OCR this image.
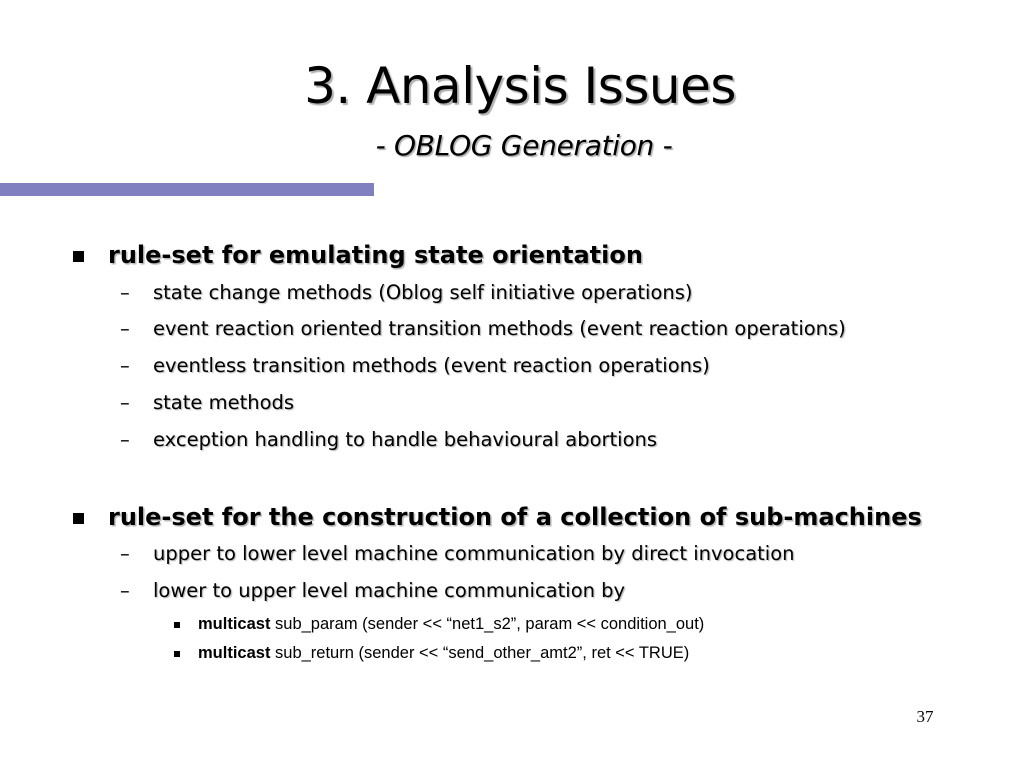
3. Analysis Issues
- OBLOG Generation -
rule-set for emulating state orientation
– state change methods (Oblog self initiative operations)
– event reaction oriented transition methods (event reaction operations)
– eventless transition methods (event reaction operations)
– state methods
– exception handling to handle behavioural abortions
rule-set for the construction of a collection of sub-machines
– upper to lower level machine communication by direct invocation
– lower to upper level machine communication by
multicast sub_param (sender << “net1_s2”, param << condition_out)
multicast sub_return (sender << “send_other_amt2”, ret << TRUE)
37
